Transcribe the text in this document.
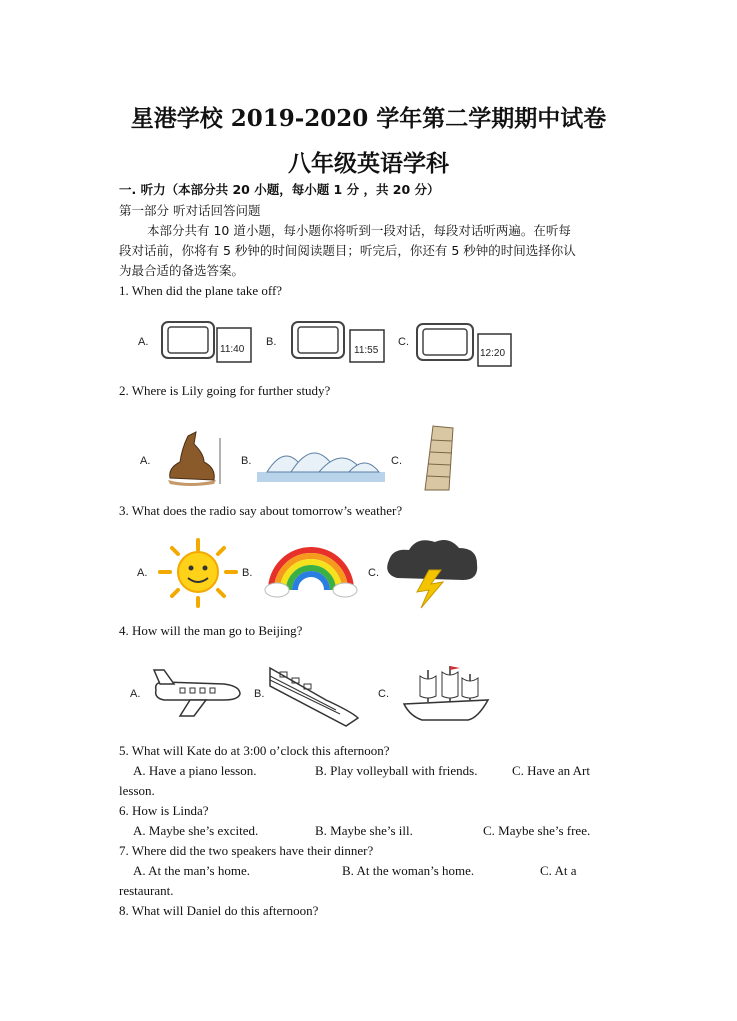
星港学校 2019-2020 学年第二学期期中试卷
八年级英语学科
一. 听力（本部分共 20 小题，每小题 1 分 ，共 20 分）
第一部分 听对话回答问题
本部分共有 10 道小题，每小题你将听到一段对话，每段对话听两遍。在听每
段对话前，你将有 5 秒钟的时间阅读题目；听完后，你还有 5 秒钟的时间选择你认
为最合适的备选答案。
1. When did the plane take off?
A.	B.	C.
11:40	11:55	12:20
2. Where is Lily going for further study?
A.	B.	C.
3. What does the radio say about tomorrow’s weather?
A.	B.	C.
4. How will the man go to Beijing?
A.	B.	C.
5. What will Kate do at 3:00 o’clock this afternoon?
A. Have a piano lesson.	B. Play volleyball with friends.	C. Have an Art
lesson.
6. How is Linda?
A. Maybe she’s excited.	B. Maybe she’s ill.	C. Maybe she’s free.
7. Where did the two speakers have their dinner?
A. At the man’s home.	B. At the woman’s home.	C. At a
restaurant.
8. What will Daniel do this afternoon?
